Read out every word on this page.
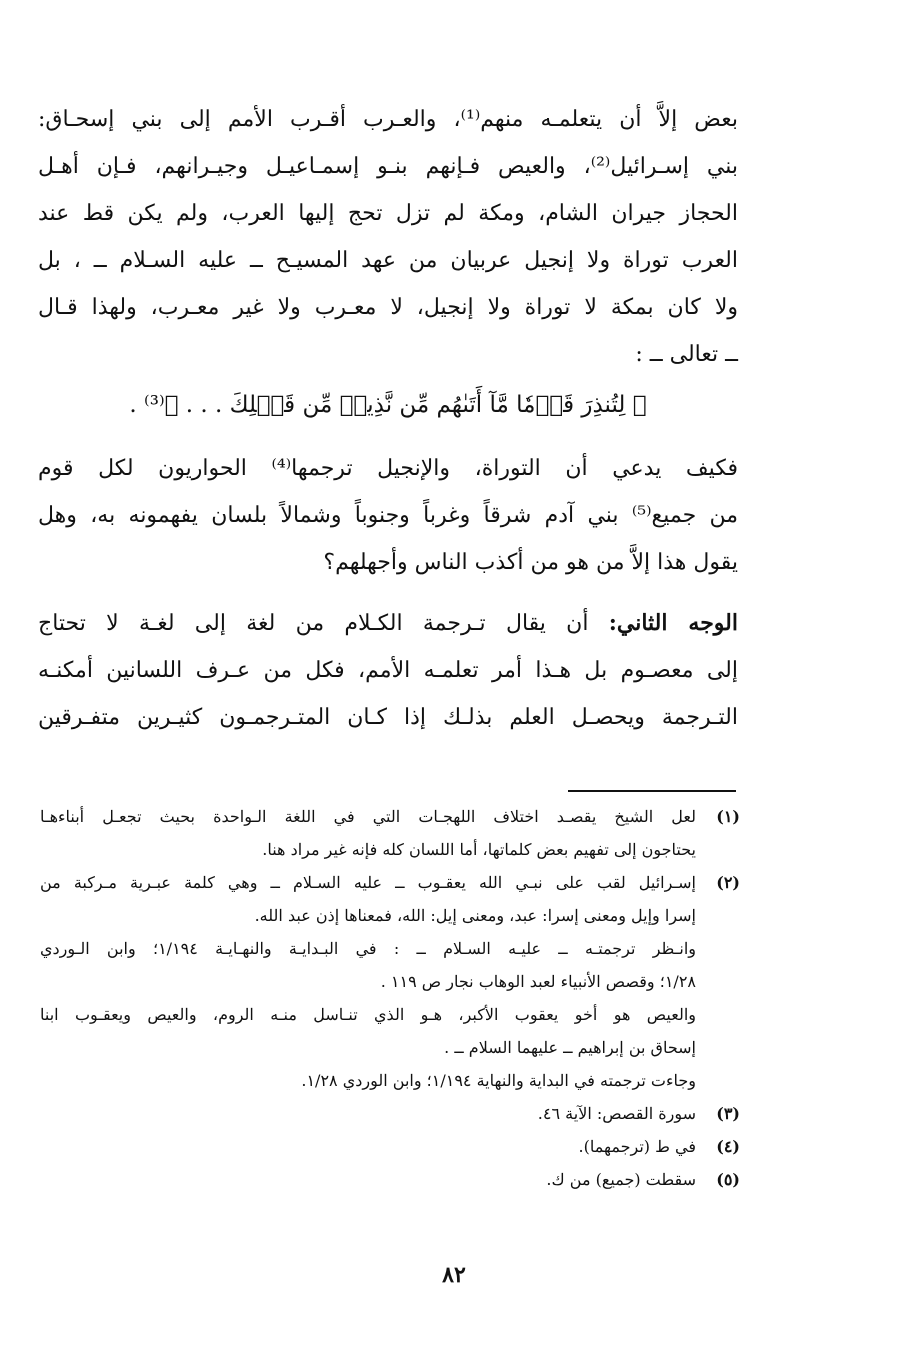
بعض إلاَّ أن يتعلمـه منهم⁽¹⁾، والعـرب أقـرب الأمم إلى بني إسحـاق:
بني إسـرائيل⁽²⁾، والعيص فـإنهم بنـو إسمـاعيـل وجيـرانهم، فـإن أهـل
الحجاز جيران الشام، ومكة لم تزل تحج إليها العرب، ولم يكن قط عند
العرب توراة ولا إنجيل عربيان من عهد المسيـح ــ عليه السـلام ــ ، بل
ولا كان بمكة لا توراة ولا إنجيل، لا معـرب ولا غير معـرب، ولهذا قـال
ــ تعالى ــ :
﴿ لِتُنذِرَ قَوۡمٗا مَّآ أَتَىٰهُم مِّن نَّذِيرٖ مِّن قَبۡلِكَ . . . ﴾⁽³⁾ .
فكيف يدعي أن التوراة، والإنجيل ترجمها⁽⁴⁾ الحواريون لكل قوم
من جميع⁽⁵⁾ بني آدم شرقاً وغرباً وجنوباً وشمالاً بلسان يفهمونه به، وهل
يقول هذا إلاَّ من هو من أكذب الناس وأجهلهم؟
الوجه الثاني: أن يقال تـرجمة الكـلام من لغة إلى لغـة لا تحتاج
إلى معصـوم بل هـذا أمر تعلمـه الأمم، فكل من عـرف اللسانين أمكنـه
التـرجمة ويحصـل العلم بذلـك إذا كـان المتـرجمـون كثيـرين متفـرقين
(١)
لعل الشيخ يقصـد اختلاف اللهجـات التي في اللغة الـواحدة بحيث تجعـل أبناءهـا
يحتاجون إلى تفهيم بعض كلماتها، أما اللسان كله فإنه غير مراد هنا.
(٢)
إسـرائيل لقب على نبـي الله يعقـوب ــ عليه السـلام ــ وهي كلمة عبـرية مـركبة من
إسرا وإيل ومعنى إسرا: عبد، ومعنى إيل: الله، فمعناها إذن عبد الله.
وانـظر ترجمتـه ــ عليـه السـلام ــ : في البـدايـة والنهـايـة ١/١٩٤؛ وابن الـوردي
١/٢٨؛ وقصص الأنبياء لعبد الوهاب نجار ص ١١٩ .
والعيص هو أخو يعقوب الأكبر، هـو الذي تنـاسل منـه الروم، والعيص ويعقـوب ابنا
إسحاق بن إبراهيم ــ عليهما السلام ــ .
وجاءت ترجمته في البداية والنهاية ١/١٩٤؛ وابن الوردي ١/٢٨.
(٣)
سورة القصص: الآية ٤٦.
(٤)
في ط (ترجمهما).
(٥)
سقطت (جميع) من ك.
٨٢
